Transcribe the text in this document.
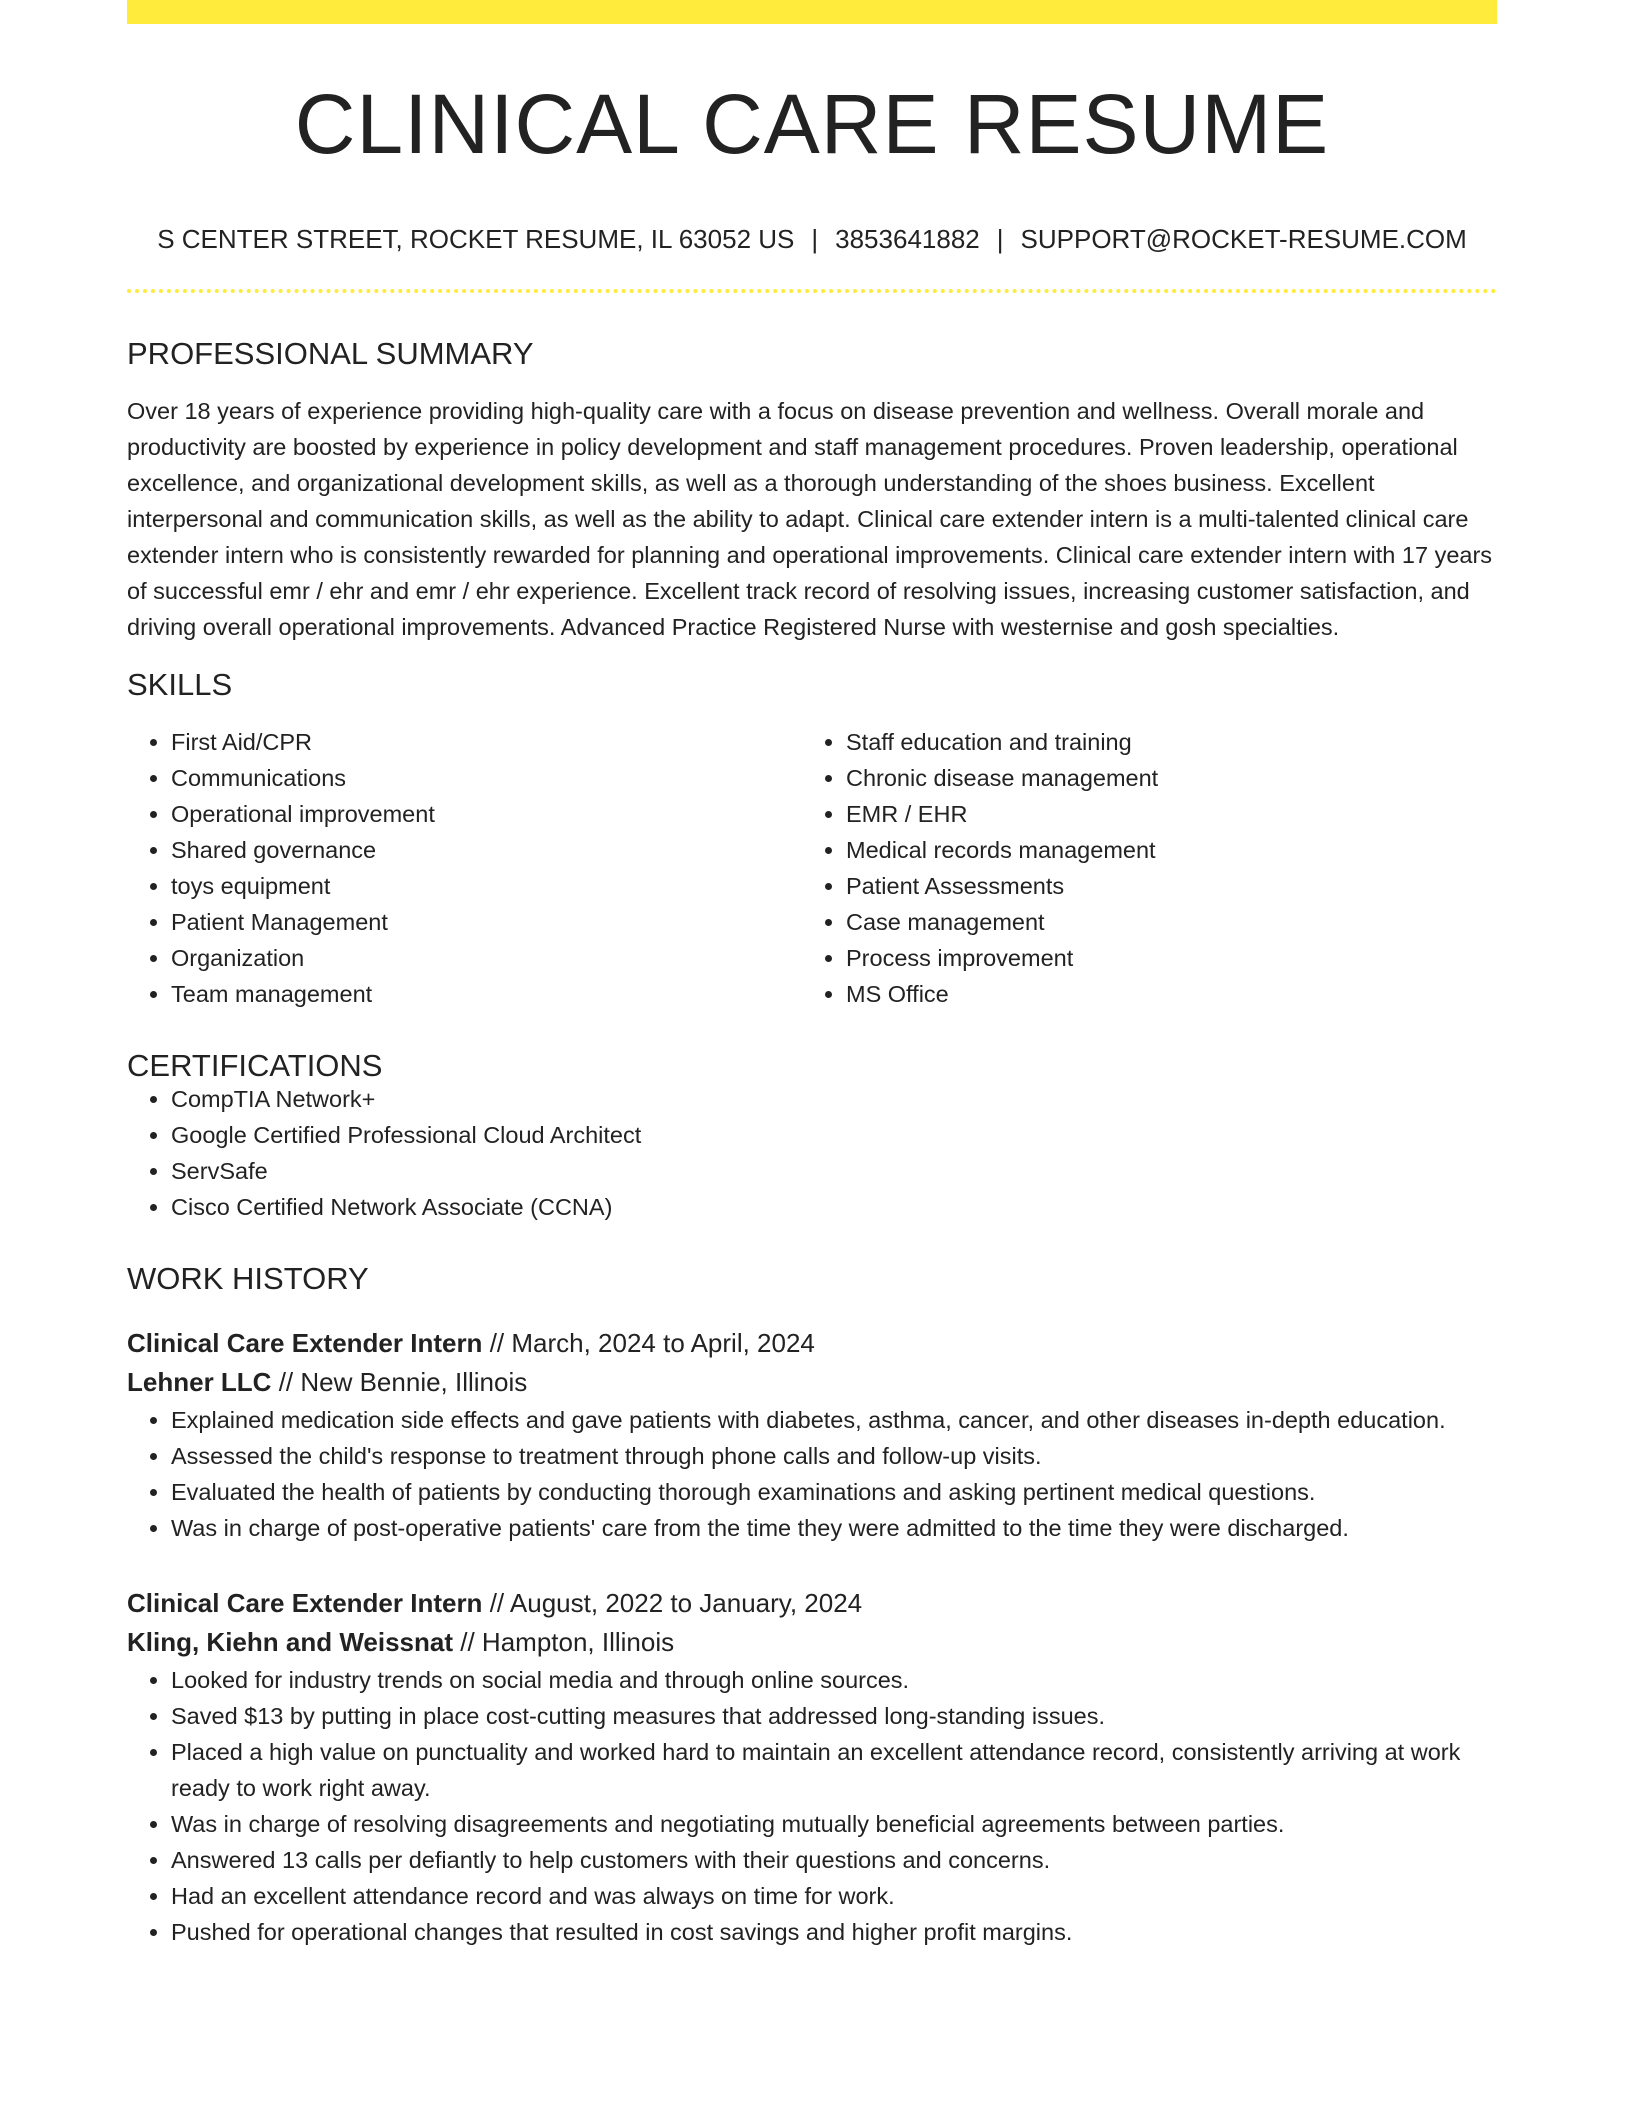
CLINICAL CARE RESUME
S CENTER STREET, ROCKET RESUME, IL 63052 US | 3853641882 | SUPPORT@ROCKET-RESUME.COM
PROFESSIONAL SUMMARY

Over 18 years of experience providing high-quality care with a focus on disease prevention and wellness. Overall morale and productivity are boosted by experience in policy development and staff management procedures. Proven leadership, operational excellence, and organizational development skills, as well as a thorough understanding of the shoes business. Excellent interpersonal and communication skills, as well as the ability to adapt. Clinical care extender intern is a multi-talented clinical care extender intern who is consistently rewarded for planning and operational improvements. Clinical care extender intern with 17 years of successful emr / ehr and emr / ehr experience. Excellent track record of resolving issues, increasing customer satisfaction, and driving overall operational improvements. Advanced Practice Registered Nurse with westernise and gosh specialties.

SKILLS
• First Aid/CPR
• Communications
• Operational improvement
• Shared governance
• toys equipment
• Patient Management
• Organization
• Team management
• Staff education and training
• Chronic disease management
• EMR / EHR
• Medical records management
• Patient Assessments
• Case management
• Process improvement
• MS Office
CERTIFICATIONS
• CompTIA Network+
• Google Certified Professional Cloud Architect
• ServSafe
• Cisco Certified Network Associate (CCNA)
WORK HISTORY
Clinical Care Extender Intern // March, 2024 to April, 2024
Lehner LLC // New Bennie, Illinois
• Explained medication side effects and gave patients with diabetes, asthma, cancer, and other diseases in-depth education.
• Assessed the child's response to treatment through phone calls and follow-up visits.
• Evaluated the health of patients by conducting thorough examinations and asking pertinent medical questions.
• Was in charge of post-operative patients' care from the time they were admitted to the time they were discharged.
Clinical Care Extender Intern // August, 2022 to January, 2024
Kling, Kiehn and Weissnat // Hampton, Illinois
• Looked for industry trends on social media and through online sources.
• Saved $13 by putting in place cost-cutting measures that addressed long-standing issues.
• Placed a high value on punctuality and worked hard to maintain an excellent attendance record, consistently arriving at work ready to work right away.
• Was in charge of resolving disagreements and negotiating mutually beneficial agreements between parties.
• Answered 13 calls per defiantly to help customers with their questions and concerns.
• Had an excellent attendance record and was always on time for work.
• Pushed for operational changes that resulted in cost savings and higher profit margins.
